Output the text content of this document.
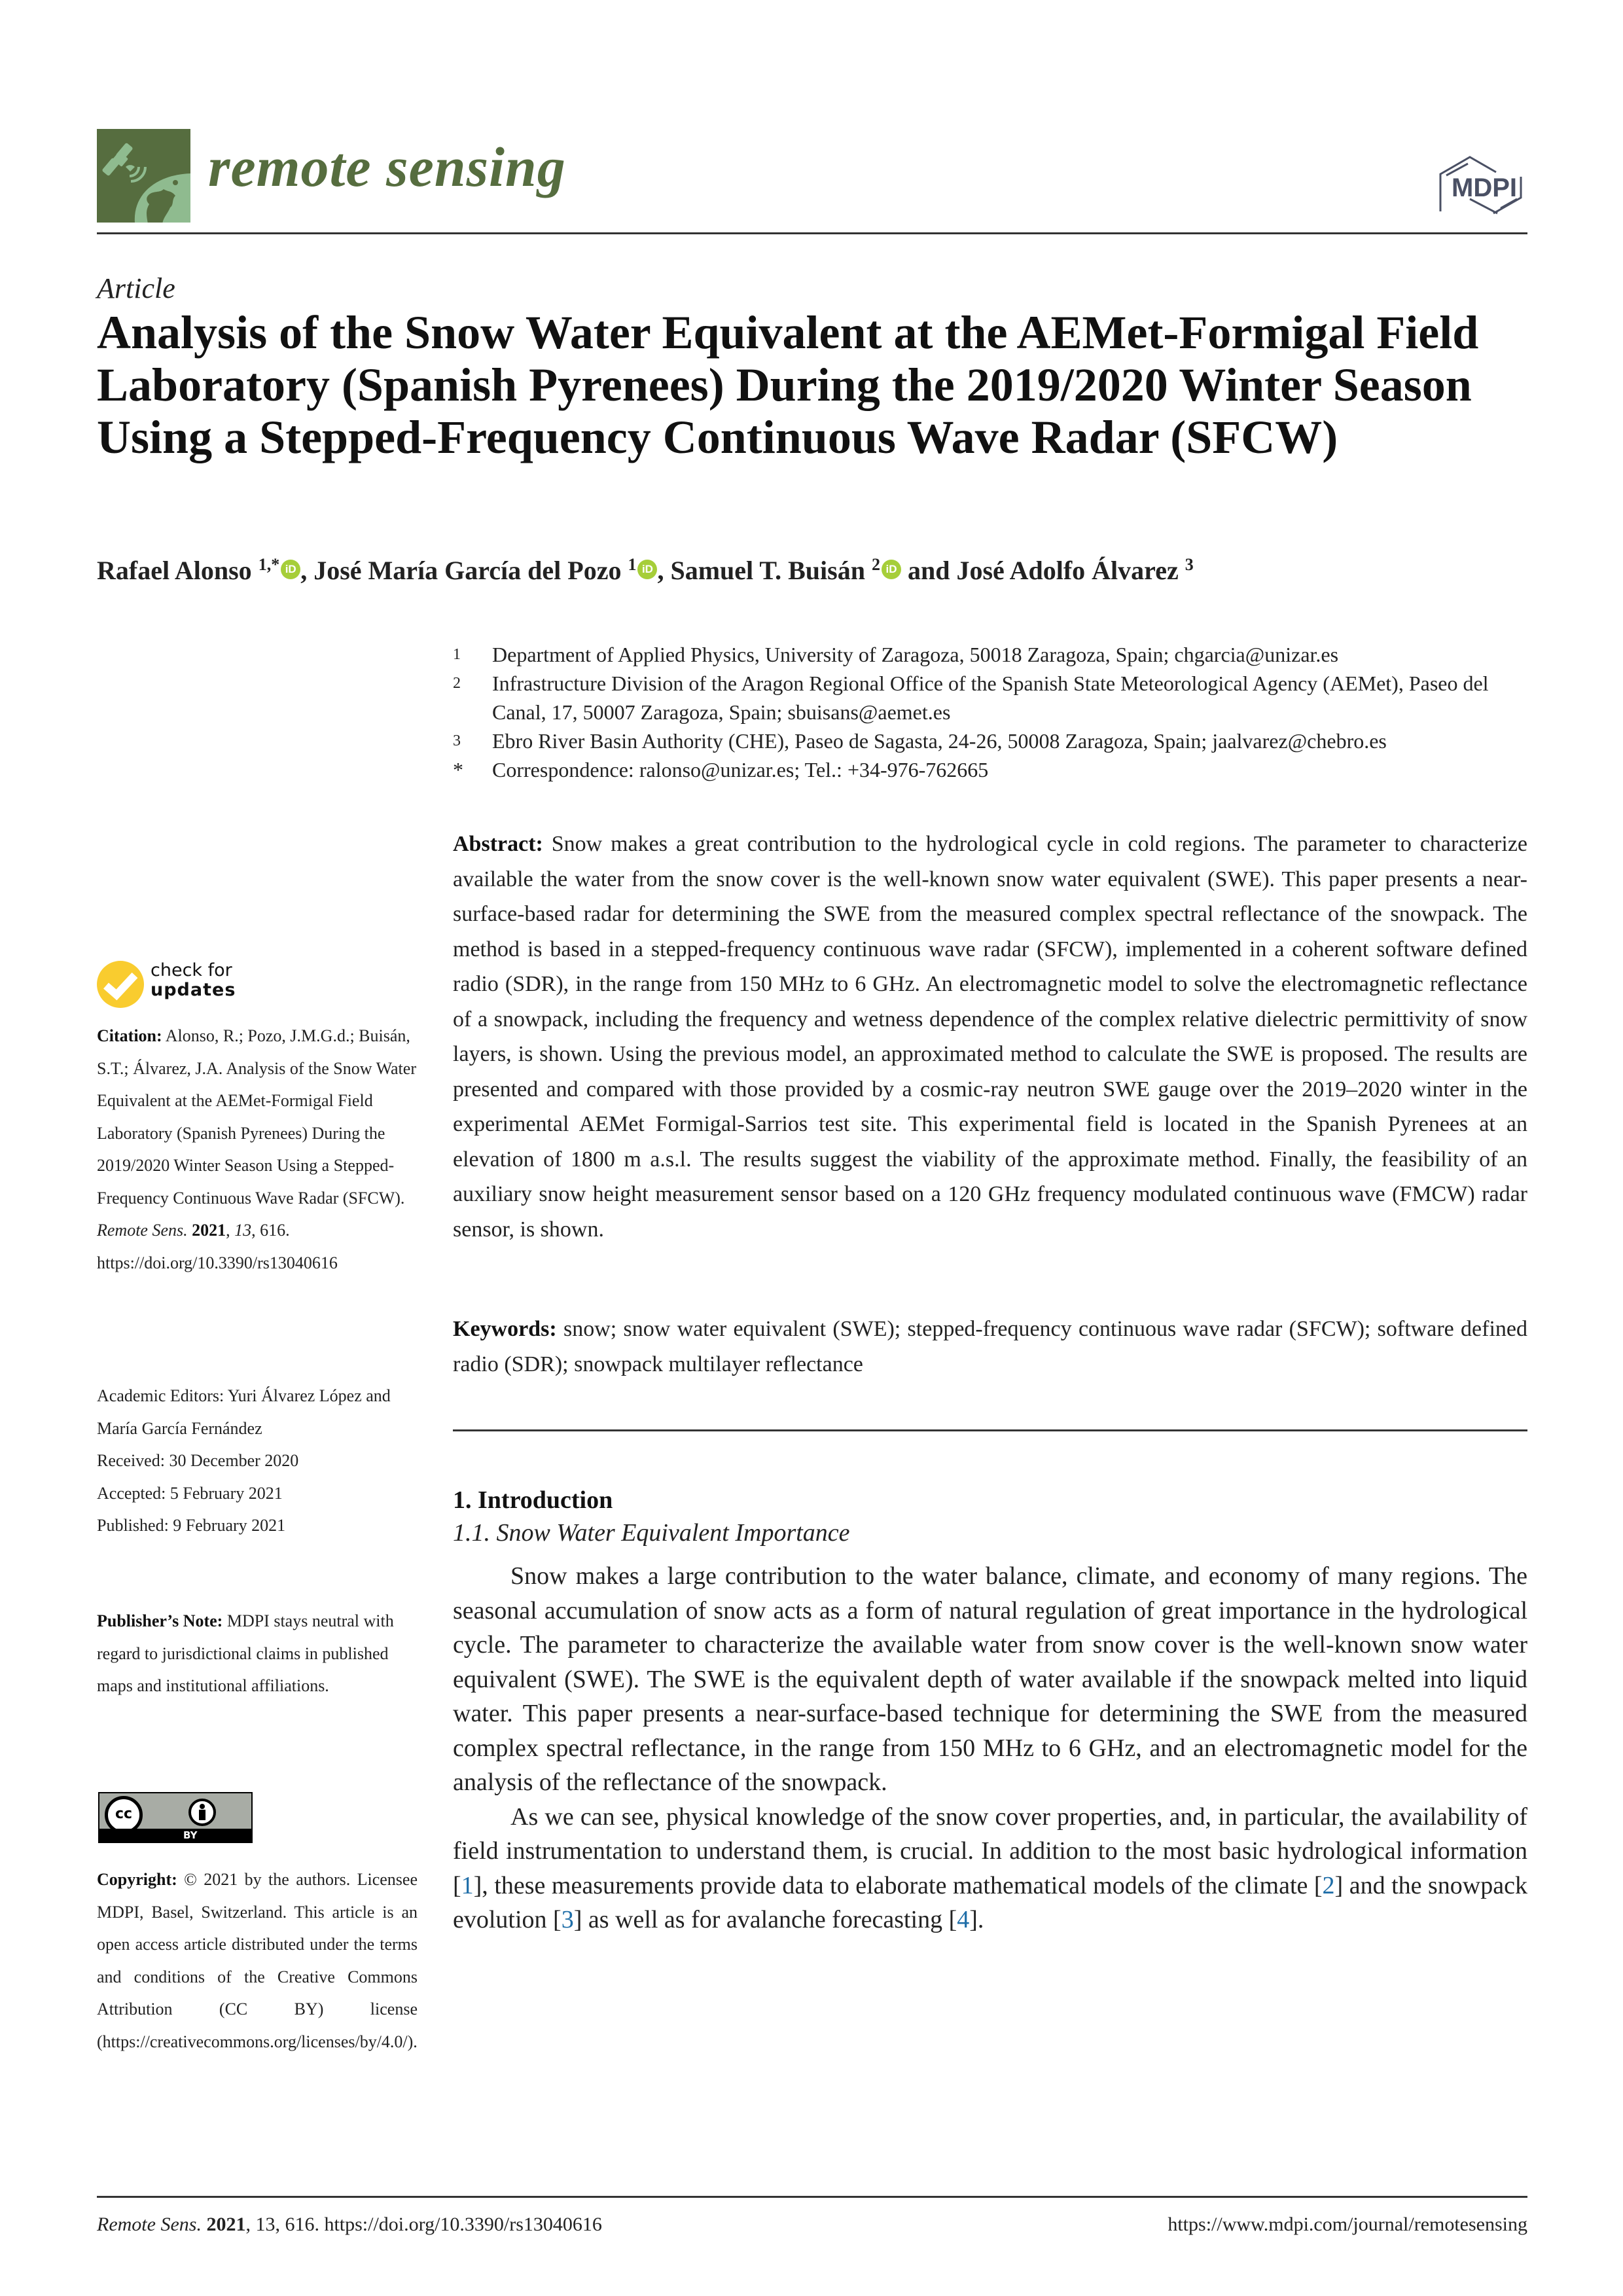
remote sensing	MDPI
Article
Analysis of the Snow Water Equivalent at the AEMet-Formigal Field Laboratory (Spanish Pyrenees) During the 2019/2020 Winter Season Using a Stepped-Frequency Continuous Wave Radar (SFCW)
Rafael Alonso $^{1,*}$ iD , José María García del Pozo $^1$ iD , Samuel T. Buisán $^2$ iD and José Adolfo Álvarez $^3$
1	Department of Applied Physics, University of Zaragoza, 50018 Zaragoza, Spain; chgarcia@unizar.es
2	Infrastructure Division of the Aragon Regional Office of the Spanish State Meteorological Agency (AEMet), Paseo del Canal, 17, 50007 Zaragoza, Spain; sbuisans@aemet.es
3	Ebro River Basin Authority (CHE), Paseo de Sagasta, 24-26, 50008 Zaragoza, Spain; jaalvarez@chebro.es
*	Correspondence: ralonso@unizar.es; Tel.: +34-976-762665
check for
updates
Citation: Alonso, R.; Pozo, J.M.G.d.; Buisán, S.T.; Álvarez, J.A. Analysis of the Snow Water Equivalent at the AEMet-Formigal Field Laboratory (Spanish Pyrenees) During the 2019/2020 Winter Season Using a Stepped-Frequency Continuous Wave Radar (SFCW). Remote Sens. 2021, 13, 616. https://doi.org/10.3390/rs13040616
Academic Editors: Yuri Álvarez López and María García Fernández
Received: 30 December 2020
Accepted: 5 February 2021
Published: 9 February 2021
Publisher’s Note: MDPI stays neutral with regard to jurisdictional claims in published maps and institutional affiliations.
cc
BY
Copyright: © 2021 by the authors. Licensee MDPI, Basel, Switzerland. This article is an open access article distributed under the terms and conditions of the Creative Commons Attribution (CC BY) license (https://creativecommons.org/licenses/by/4.0/).
Abstract: Snow makes a great contribution to the hydrological cycle in cold regions. The parameter to characterize available the water from the snow cover is the well-known snow water equivalent (SWE). This paper presents a near-surface-based radar for determining the SWE from the measured complex spectral reflectance of the snowpack. The method is based in a stepped-frequency continuous wave radar (SFCW), implemented in a coherent software defined radio (SDR), in the range from 150 MHz to 6 GHz. An electromagnetic model to solve the electromagnetic reflectance of a snowpack, including the frequency and wetness dependence of the complex relative dielectric permittivity of snow layers, is shown. Using the previous model, an approximated method to calculate the SWE is proposed. The results are presented and compared with those provided by a cosmic-ray neutron SWE gauge over the 2019–2020 winter in the experimental AEMet Formigal-Sarrios test site. This experimental field is located in the Spanish Pyrenees at an elevation of 1800 m a.s.l. The results suggest the viability of the approximate method. Finally, the feasibility of an auxiliary snow height measurement sensor based on a 120 GHz frequency modulated continuous wave (FMCW) radar sensor, is shown.
Keywords: snow; snow water equivalent (SWE); stepped-frequency continuous wave radar (SFCW); software defined radio (SDR); snowpack multilayer reflectance
1. Introduction
1.1. Snow Water Equivalent Importance

Snow makes a large contribution to the water balance, climate, and economy of many regions. The seasonal accumulation of snow acts as a form of natural regulation of great importance in the hydrological cycle. The parameter to characterize the available water from snow cover is the well-known snow water equivalent (SWE). The SWE is the equivalent depth of water available if the snowpack melted into liquid water. This paper presents a near-surface-based technique for determining the SWE from the measured complex spectral reflectance, in the range from 150 MHz to 6 GHz, and an electromagnetic model for the analysis of the reflectance of the snowpack.

As we can see, physical knowledge of the snow cover properties, and, in particular, the availability of field instrumentation to understand them, is crucial. In addition to the most basic hydrological information [1], these measurements provide data to elaborate mathematical models of the climate [2] and the snowpack evolution [3] as well as for avalanche forecasting [4].

Remote Sens. 2021, 13, 616. https://doi.org/10.3390/rs13040616	https://www.mdpi.com/journal/remotesensing
